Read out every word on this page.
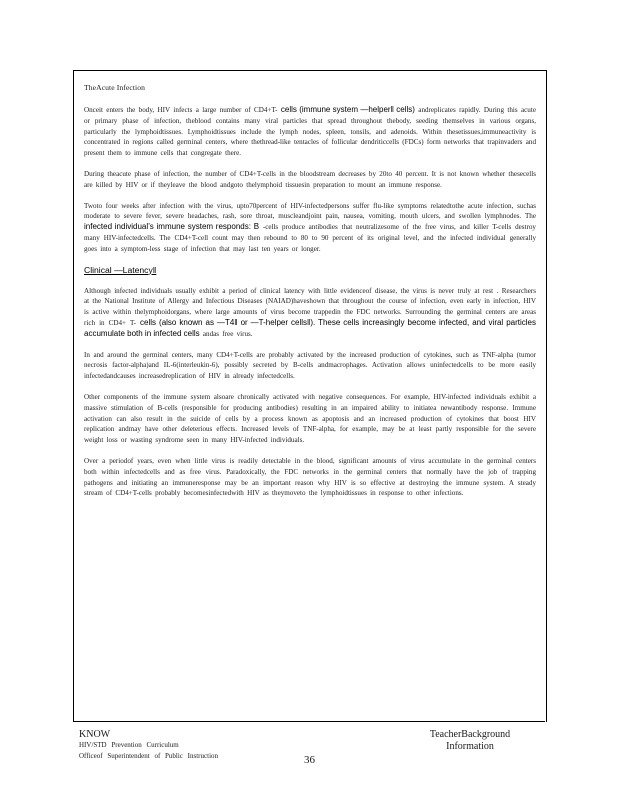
TheAcute Infection

Onceit enters the body, HIV infects a large number of CD4+T- cells (immune system —helper‖ cells) andreplicates rapidly. During this acute or primary phase of infection, theblood contains many viral particles that spread throughout thebody, seeding themselves in various organs, particularly the lymphoidtissues. Lymphoidtissues include the lymph nodes, spleen, tonsils, and adenoids. Within thesetissues,immuneactivity is concentrated in regions called germinal centers, where thethread-like tentacles of follicular dendriticcells (FDCs) form networks that trapinvaders and present them to immune cells that congregate there.

During theacute phase of infection, the number of CD4+T-cells in the bloodstream decreases by 20to 40 percent. It is not known whether thesecells are killed by HIV or if theyleave the blood andgoto thelymphoid tissuesin preparation to mount an immune response.

Twoto four weeks after infection with the virus, upto70percent of HIV-infectedpersons suffer flu-like symptoms relatedtothe acute infection, suchas moderate to severe fever, severe headaches, rash, sore throat, muscleandjoint pain, nausea, vomiting, mouth ulcers, and swollen lymphnodes. The infected individual’s immune system responds: B -cells produce antibodies that neutralizesome of the free virus, and killer T-cells destroy many HIV-infectedcells. The CD4+T-cell count may then rebound to 80 to 90 percent of its original level, and the infected individual generally goes into a symptom-less stage of infection that may last ten years or longer.

Clinical —Latency‖

Although infected individuals usually exhibit a period of clinical latency with little evidenceof disease, the virus is never truly at rest . Researchers at the National Institute of Allergy and Infectious Diseases (NAIAD)haveshown that throughout the course of infection, even early in infection, HIV is active within thelymphoidorgans, where large amounts of virus become trappedin the FDC networks. Surrounding the germinal centers are areas rich in CD4+ T- cells (also known as —T4‖ or —T-helper cells‖). These cells increasingly become infected, and viral particles accumulate both in infected cells andas free virus.

In and around the germinal centers, many CD4+T-cells are probably activated by the increased production of cytokines, such as TNF-alpha (tumor necrosis factor-alpha)and IL-6(interleukin-6), possibly secreted by B-cells andmacrophages. Activation allows uninfectedcells to be more easily infectedandcauses increasedreplication of HIV in already infectedcells.

Other components of the immune system alsoare chronically activated with negative consequences. For example, HIV-infected individuals exhibit a massive stimulation of B-cells (responsible for producing antibodies) resulting in an impaired ability to initiatea newantibody response. Immune activation can also result in the suicide of cells by a process known as apoptosis and an increased production of cytokines that boost HIV replication andmay have other deleterious effects. Increased levels of TNF-alpha, for example, may be at least partly responsible for the severe weight loss or wasting syndrome seen in many HIV-infected individuals.

Over a periodof years, even when little virus is readily detectable in the blood, significant amounts of virus accumulate in the germinal centers both within infectedcells and as free virus. Paradoxically, the FDC networks in the germinal centers that normally have the job of trapping pathogens and initiating an immuneresponse may be an important reason why HIV is so effective at destroying the immune system. A steady stream of CD4+T-cells probably becomesinfectedwith HIV as theymoveto the lymphoidtissues in response to other infections.

KNOW
HIV/STD Prevention Curriculum
Officeof Superintendent of Public Instruction	36
TeacherBackground
Information
